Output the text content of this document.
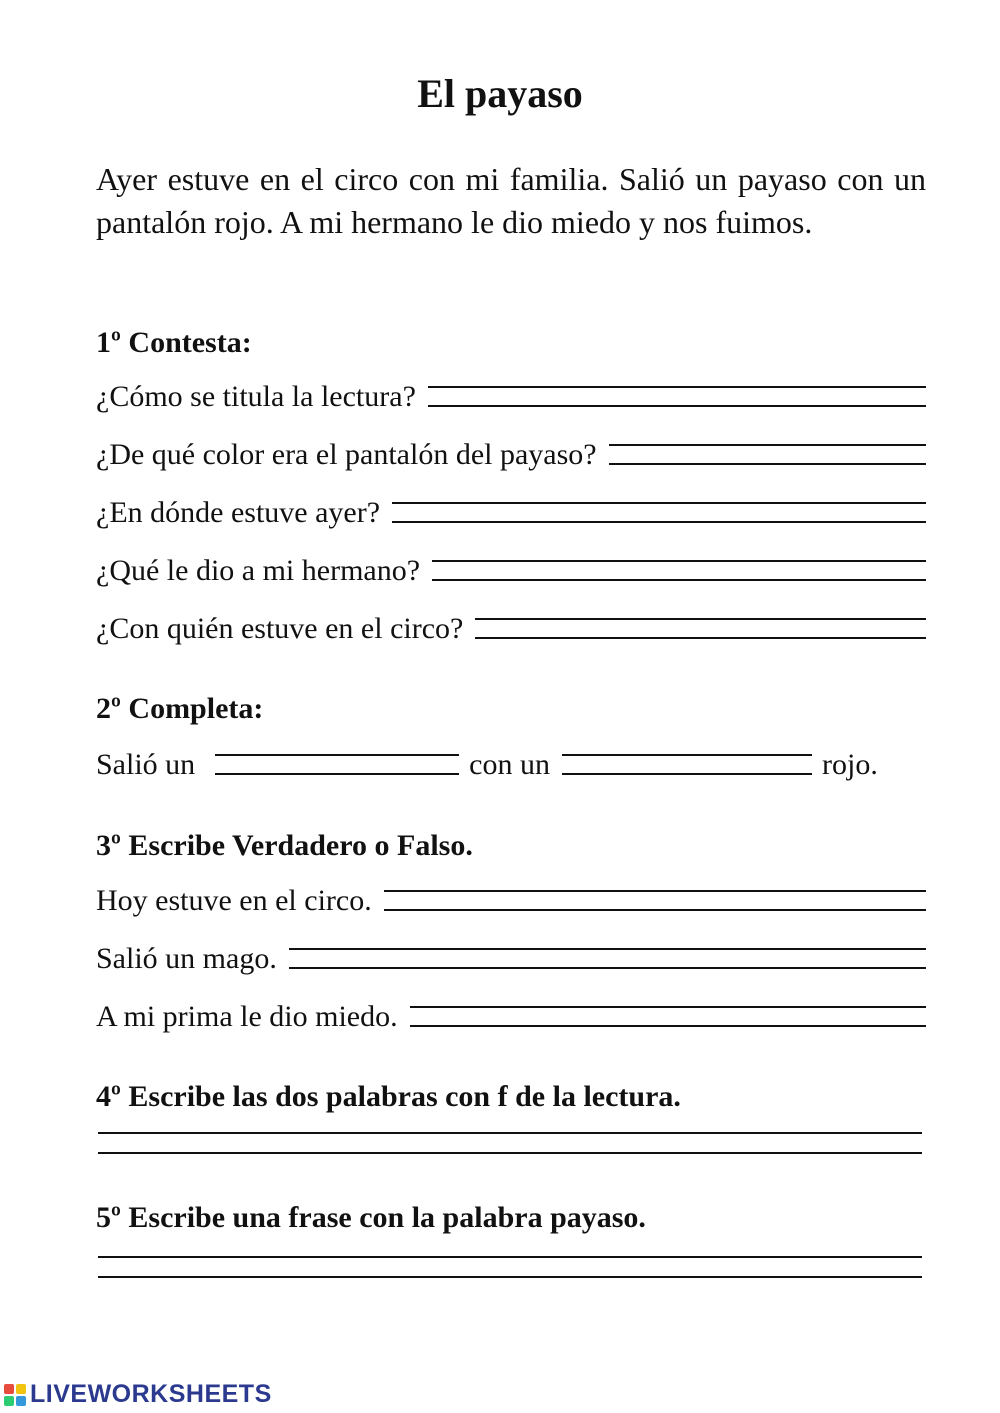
El payaso

Ayer estuve en el circo con mi familia. Salió un payaso con un pantalón rojo. A mi hermano le dio miedo y nos fuimos.

1º Contesta:
¿Cómo se titula la lectura?
¿De qué color era el pantalón del payaso?
¿En dónde estuve ayer?
¿Qué le dio a mi hermano?
¿Con quién estuve en el circo?
2º Completa:
Salió un	con un	rojo.
3º Escribe Verdadero o Falso.
Hoy estuve en el circo.
Salió un mago.
A mi prima le dio miedo.
4º Escribe las dos palabras con f de la lectura.
5º Escribe una frase con la palabra payaso.
LIVEWORKSHEETS
